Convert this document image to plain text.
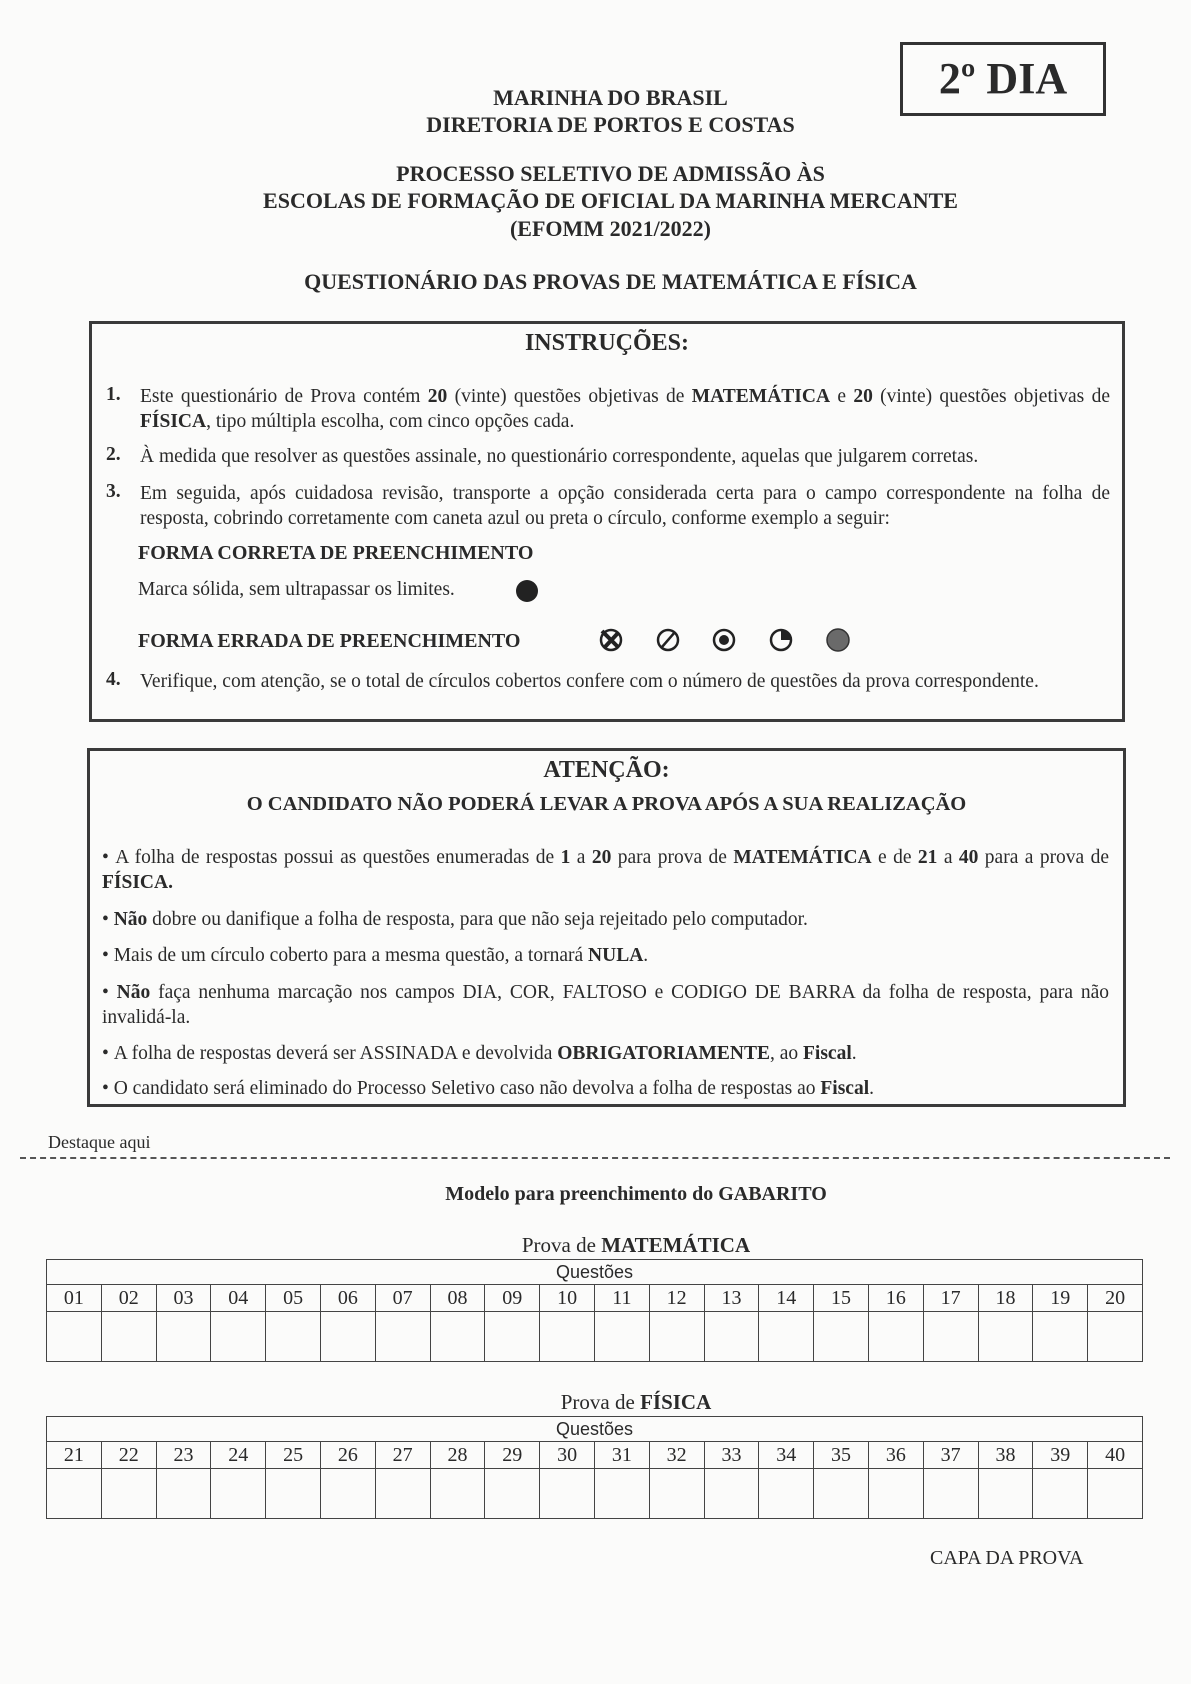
2º DIA
MARINHA DO BRASIL
DIRETORIA DE PORTOS E COSTAS
PROCESSO SELETIVO DE ADMISSÃO ÀS
ESCOLAS DE FORMAÇÃO DE OFICIAL DA MARINHA MERCANTE
(EFOMM 2021/2022)
QUESTIONÁRIO DAS PROVAS DE MATEMÁTICA E FÍSICA
INSTRUÇÕES:
1. Este questionário de Prova contém 20 (vinte) questões objetivas de MATEMÁTICA e 20 (vinte) questões objetivas de FÍSICA, tipo múltipla escolha, com cinco opções cada.
2. À medida que resolver as questões assinale, no questionário correspondente, aquelas que julgarem corretas.
3. Em seguida, após cuidadosa revisão, transporte a opção considerada certa para o campo correspondente na folha de resposta, cobrindo corretamente com caneta azul ou preta o círculo, conforme exemplo a seguir:
FORMA CORRETA DE PREENCHIMENTO
Marca sólida, sem ultrapassar os limites.
FORMA ERRADA DE PREENCHIMENTO
4. Verifique, com atenção, se o total de círculos cobertos confere com o número de questões da prova correspondente.
ATENÇÃO:
O CANDIDATO NÃO PODERÁ LEVAR A PROVA APÓS A SUA REALIZAÇÃO
• A folha de respostas possui as questões enumeradas de 1 a 20 para prova de MATEMÁTICA e de 21 a 40 para a prova de FÍSICA.
• Não dobre ou danifique a folha de resposta, para que não seja rejeitado pelo computador.
• Mais de um círculo coberto para a mesma questão, a tornará NULA.
• Não faça nenhuma marcação nos campos DIA, COR, FALTOSO e CODIGO DE BARRA da folha de resposta, para não invalidá-la.
• A folha de respostas deverá ser ASSINADA e devolvida OBRIGATORIAMENTE, ao Fiscal.
• O candidato será eliminado do Processo Seletivo caso não devolva a folha de respostas ao Fiscal.
Destaque aqui
Modelo para preenchimento do GABARITO
Prova de MATEMÁTICA
Questões																			
01	02	03	04	05	06	07	08	09	10	11	12	13	14	15	16	17	18	19	20

Prova de FÍSICA
Questões																			
21	22	23	24	25	26	27	28	29	30	31	32	33	34	35	36	37	38	39	40

CAPA DA PROVA
